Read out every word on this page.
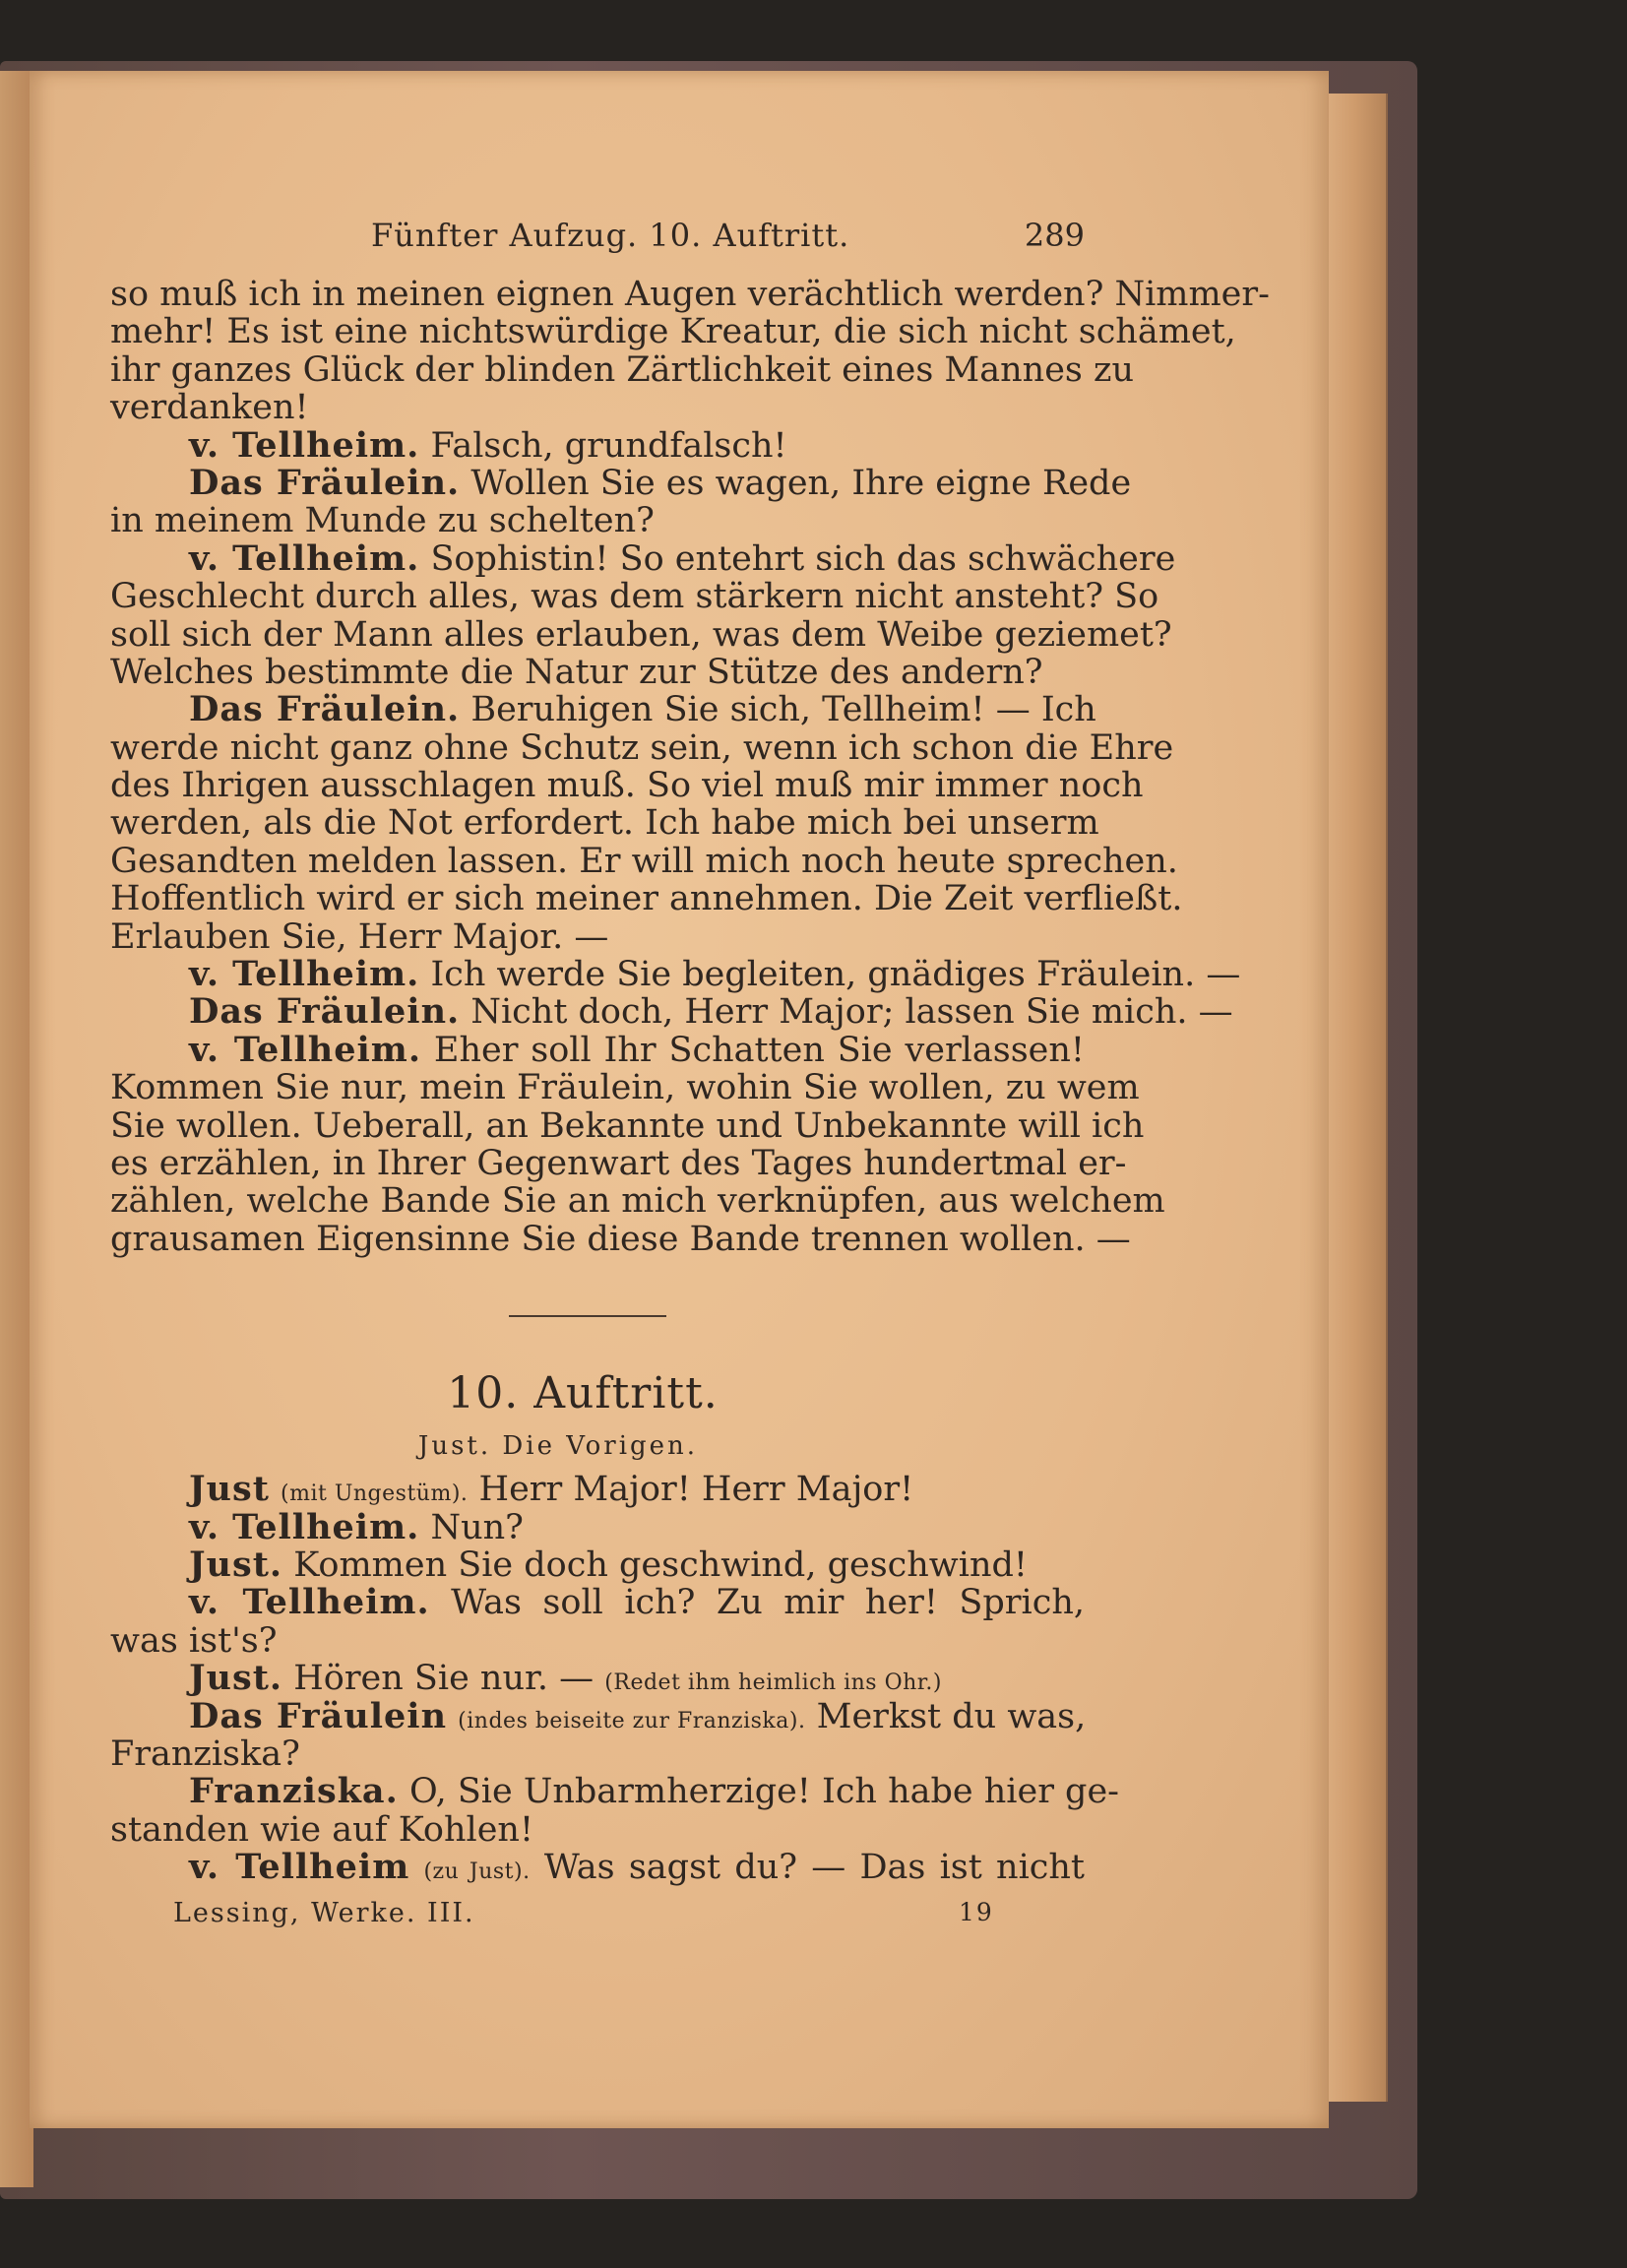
Fünfter Aufzug. 10. Auftritt.	289
so muß ich in meinen eignen Augen verächtlich werden? Nimmer-
mehr! Es ist eine nichtswürdige Kreatur, die sich nicht schämet,
ihr ganzes Glück der blinden Zärtlichkeit eines Mannes zu
verdanken!
v. Tellheim. Falsch, grundfalsch!
Das Fräulein. Wollen Sie es wagen, Ihre eigne Rede
in meinem Munde zu schelten?
v. Tellheim. Sophistin! So entehrt sich das schwächere
Geschlecht durch alles, was dem stärkern nicht ansteht? So
soll sich der Mann alles erlauben, was dem Weibe geziemet?
Welches bestimmte die Natur zur Stütze des andern?
Das Fräulein. Beruhigen Sie sich, Tellheim! — Ich
werde nicht ganz ohne Schutz sein, wenn ich schon die Ehre
des Ihrigen ausschlagen muß. So viel muß mir immer noch
werden, als die Not erfordert. Ich habe mich bei unserm
Gesandten melden lassen. Er will mich noch heute sprechen.
Hoffentlich wird er sich meiner annehmen. Die Zeit verfließt.
Erlauben Sie, Herr Major. —
v. Tellheim. Ich werde Sie begleiten, gnädiges Fräulein. —
Das Fräulein. Nicht doch, Herr Major; lassen Sie mich. —
v. Tellheim. Eher soll Ihr Schatten Sie verlassen!
Kommen Sie nur, mein Fräulein, wohin Sie wollen, zu wem
Sie wollen. Ueberall, an Bekannte und Unbekannte will ich
es erzählen, in Ihrer Gegenwart des Tages hundertmal er-
zählen, welche Bande Sie an mich verknüpfen, aus welchem
grausamen Eigensinne Sie diese Bande trennen wollen. —
10. Auftritt.
Just. Die Vorigen.
Just (mit Ungestüm). Herr Major! Herr Major!
v. Tellheim. Nun?
Just. Kommen Sie doch geschwind, geschwind!
v. Tellheim. Was soll ich? Zu mir her! Sprich,
was ist's?
Just. Hören Sie nur. — (Redet ihm heimlich ins Ohr.)
Das Fräulein (indes beiseite zur Franziska). Merkst du was,
Franziska?
Franziska. O, Sie Unbarmherzige! Ich habe hier ge-
standen wie auf Kohlen!
v. Tellheim (zu Just). Was sagst du? — Das ist nicht
Lessing, Werke. III.	19
